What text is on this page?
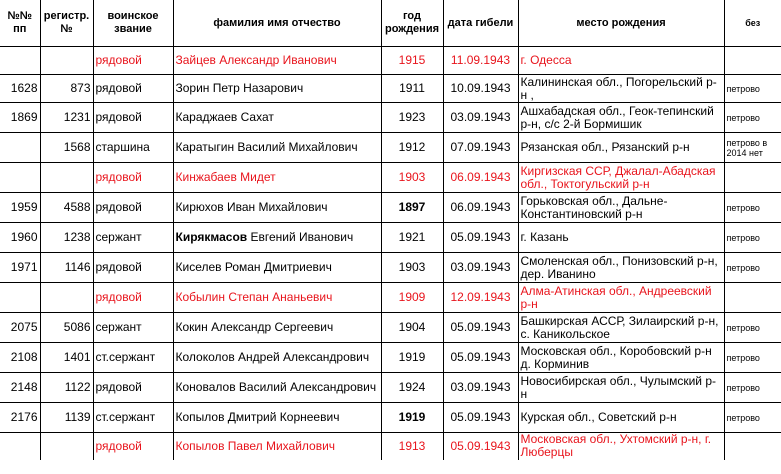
№№ пп	регистр. №	воинское звание	фамилия имя отчество	год рождения	дата гибели	место рождения	без
		рядовой	Зайцев Александр Иванович	1915	11.09.1943	г. Одесса	
1628	873	рядовой	Зорин Петр Назарович	1911	10.09.1943	Калининская обл., Погорельский р-н ,	петрово
1869	1231	рядовой	Караджаев Сахат	1923	03.09.1943	Ашхабадская обл., Геок-тепинский р-н, с/с 2-й Бормишик	петрово
	1568	старшина	Каратыгин Василий Михайлович	1912	07.09.1943	Рязанская обл., Рязанский р-н	петрово в 2014 нет
		рядовой	Кинжабаев Мидет	1903	06.09.1943	Киргизская ССР, Джалал-Абадская обл., Токтогульский р-н	
1959	4588	рядовой	Кирюхов Иван Михайлович	1897	06.09.1943	Горьковская обл., Дальне-Константиновский р-н	петрово
1960	1238	сержант	Кирякмасов Евгений Иванович	1921	05.09.1943	г. Казань	петрово
1971	1146	рядовой	Киселев Роман Дмитриевич	1903	03.09.1943	Смоленская обл., Понизовский р-н, дер. Иванино	петрово
		рядовой	Кобылин Степан Ананьевич	1909	12.09.1943	Алма-Атинская обл., Андреевский р-н	
2075	5086	сержант	Кокин Александр Сергеевич	1904	05.09.1943	Башкирская АССР, Зилаирский р-н, с. Каникольское	петрово
2108	1401	ст.сержант	Колоколов Андрей Александрович	1919	05.09.1943	Московская обл., Коробовский р-н д. Корминив	петрово
2148	1122	рядовой	Коновалов Василий Александрович	1924	03.09.1943	Новосибирская обл., Чулымский р-н	петрово
2176	1139	ст.сержант	Копылов Дмитрий Корнеевич	1919	05.09.1943	Курская обл., Советский р-н	петрово
		рядовой	Копылов Павел Михайлович	1913	05.09.1943	Московская обл., Ухтомский р-н, г. Люберцы	
